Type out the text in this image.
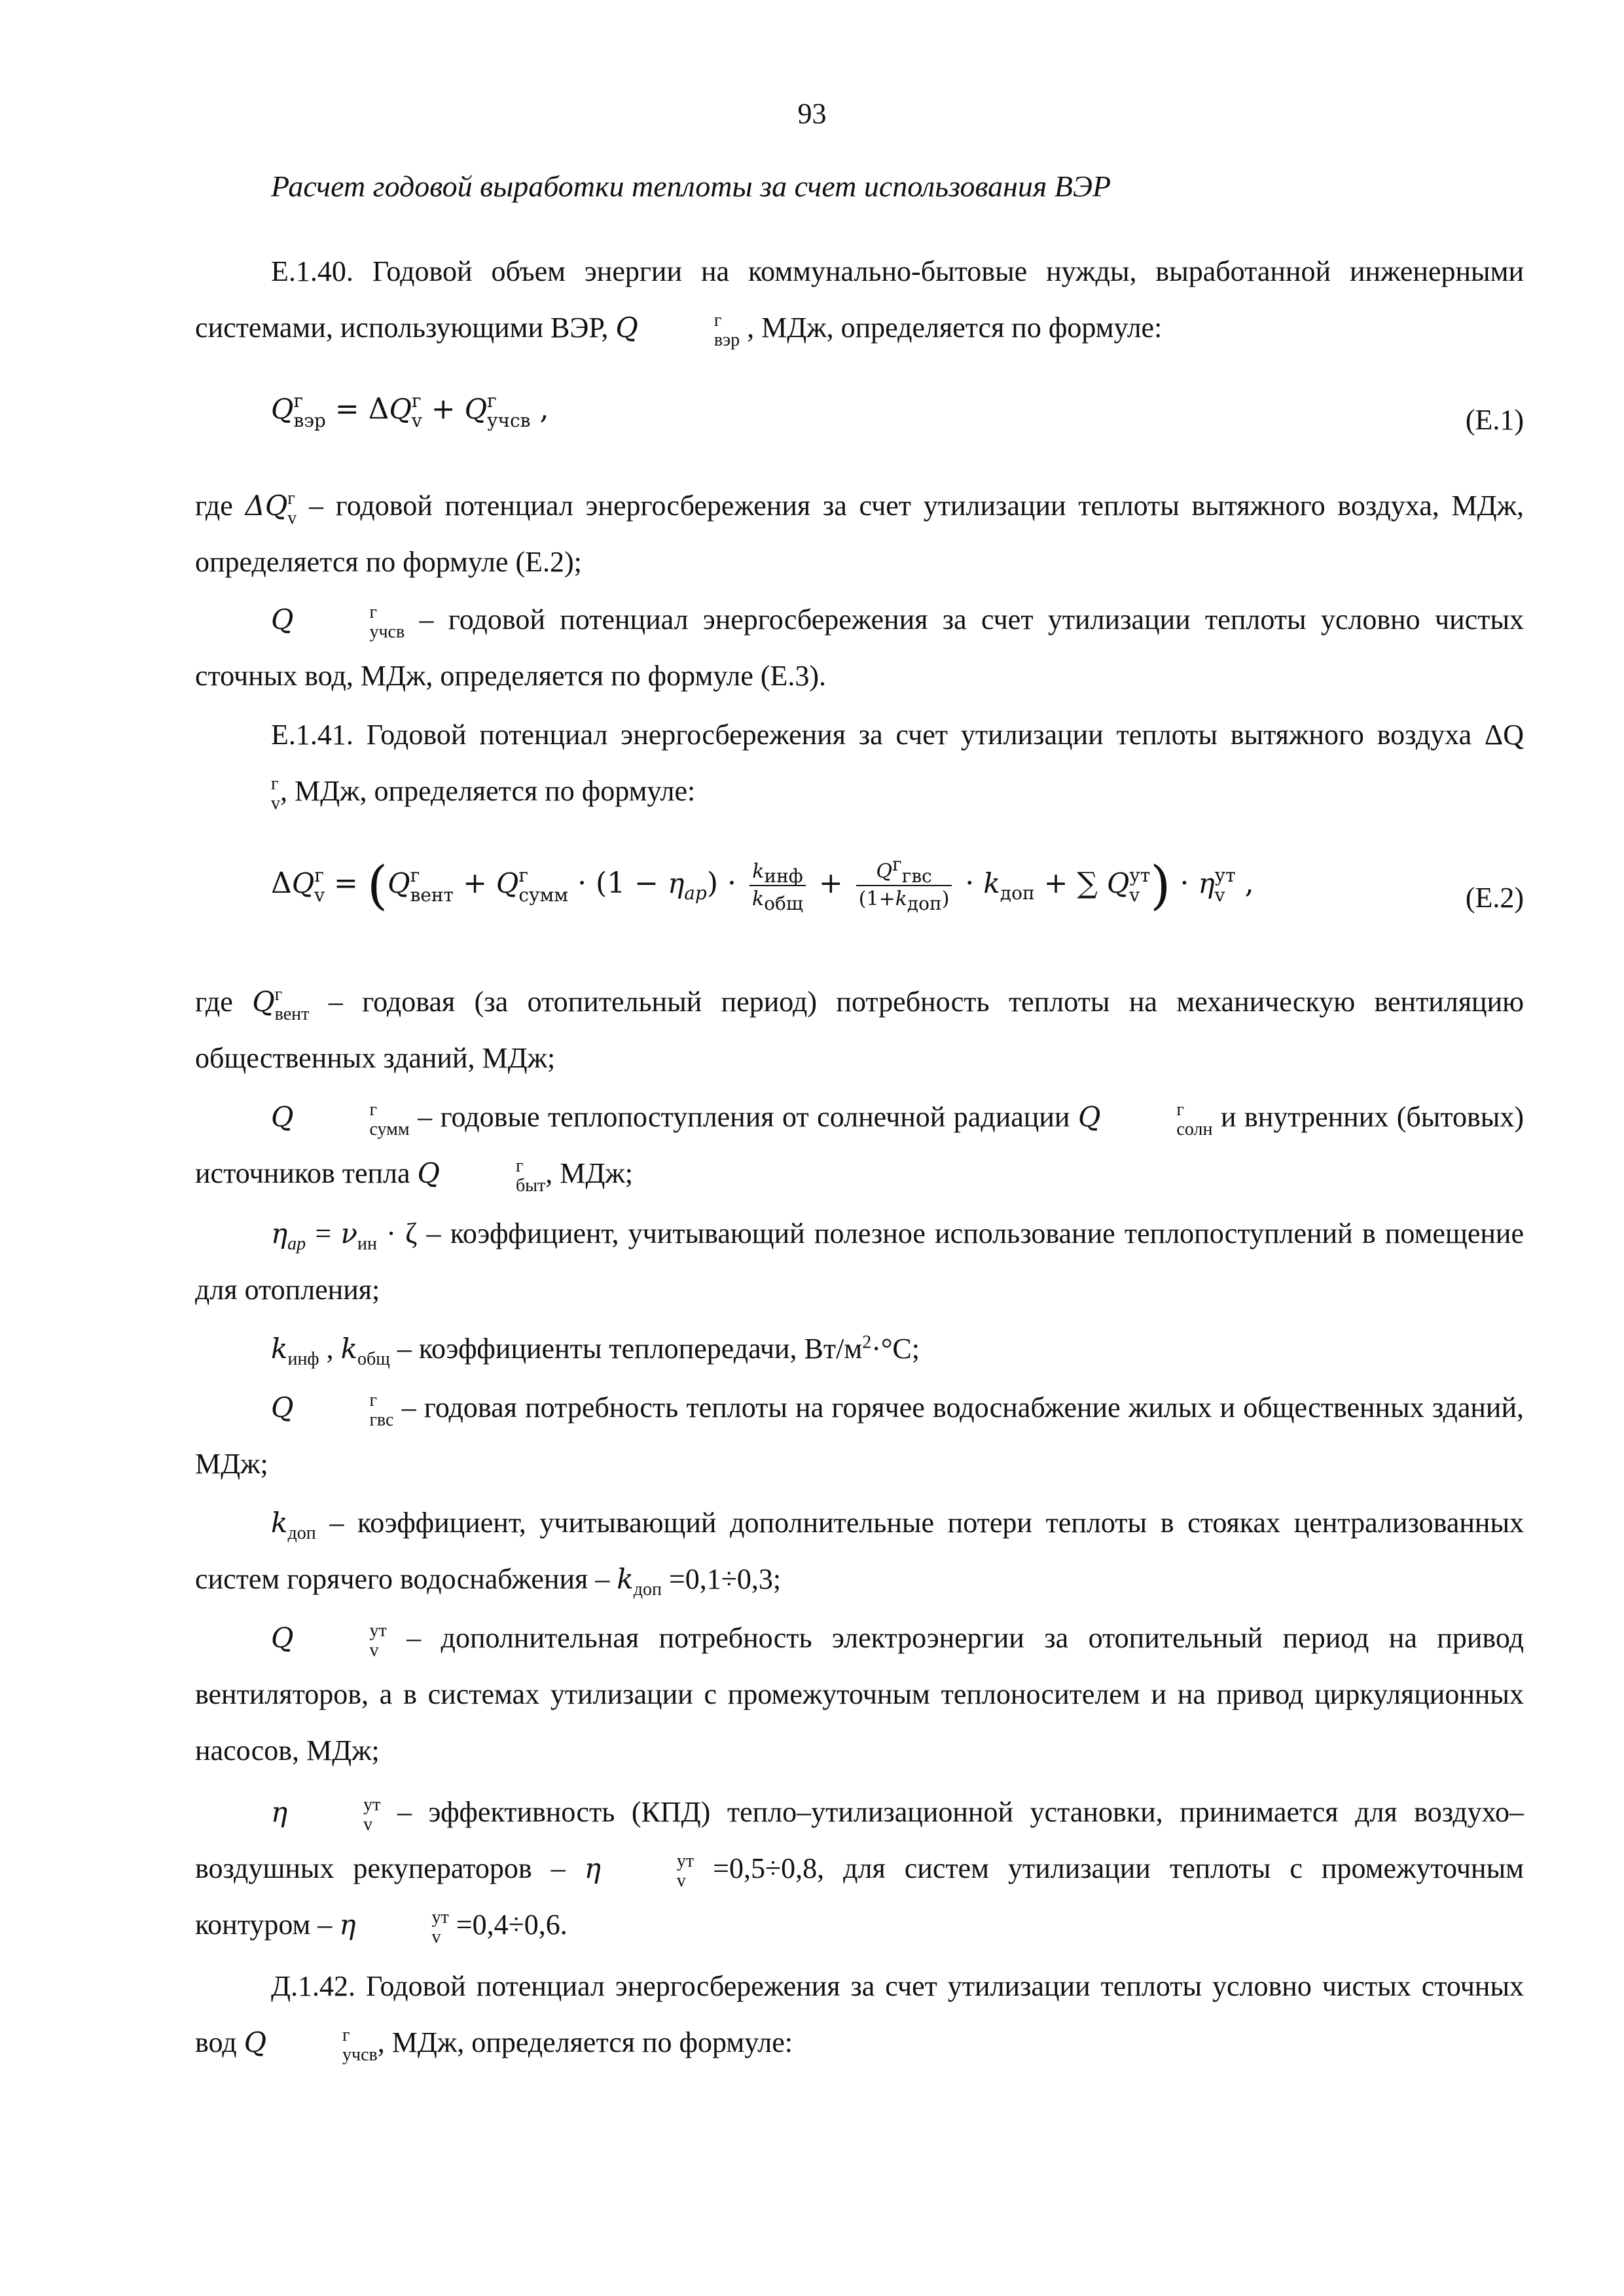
93
Расчет годовой выработки теплоты за счет использования ВЭР
Е.1.40. Годовой объем энергии на коммунально-бытовые нужды, выработанной инженерными системами, использующими ВЭР, Q	г
вэр , МДж, определяется по формуле:
Q г
вэр = ΔQ г
v + Q г
учсв ,	(Е.1)
где ΔQ г
v – годовой потенциал энергосбережения за счет утилизации теплоты вытяжного воздуха, МДж, определяется по формуле (Е.2);
Q	г
учсв – годовой потенциал энергосбережения за счет утилизации теплоты условно чистых сточных вод, МДж, определяется по формуле (Е.3).
Е.1.41. Годовой потенциал энергосбережения за счет утилизации теплоты вытяжного воздуха ΔQ
г
v , МДж, определяется по формуле:
ΔQ г
v = (Q г
вент + Q г
сумм · $(1 - \eta_{ap}) \cdot \frac{k_{инф}}{k_{общ}} + \frac{Q^г_{гвс}}{(1+k_{доп})} \cdot k_{доп}$ + ∑ Q ут
v ) · η ут
v ,	(Е.2)
где Q г
вент – годовая (за отопительный период) потребность теплоты на механическую вентиляцию общественных зданий, МДж;
Q	г
сумм – годовые теплопоступления от солнечной радиации Q	г
солн и внутренних (бытовых) источников тепла Q	г
быт , МДж;
$\eta_{ap} = \nu_{ин} \cdot \zeta$ – коэффициент, учитывающий полезное использование теплопоступлений в помещение для отопления;
$k_{инф}$ , $k_{общ}$ – коэффициенты теплопередачи, $Вт/м^2\cdot^\circ С$;
Q	г
гвс – годовая потребность теплоты на горячее водоснабжение жилых и общественных зданий, МДж;
$k_{доп}$ – коэффициент, учитывающий дополнительные потери теплоты в стояках централизованных систем горячего водоснабжения – $k_{доп} =0,1\div 0,3$;
Q	ут
v – дополнительная потребность электроэнергии за отопительный период на привод вентиляторов, а в системах утилизации с промежуточным теплоносителем и на привод циркуляционных насосов, МДж;
η	ут
v – эффективность (КПД) тепло–утилизационной установки, принимается для воздухо–воздушных рекуператоров – η	ут
v =0,5÷0,8, для систем утилизации теплоты с промежуточным контуром – η	ут
v =0,4÷0,6.
Д.1.42. Годовой потенциал энергосбережения за счет утилизации теплоты условно чистых сточных вод Q	г
учсв , МДж, определяется по формуле:
